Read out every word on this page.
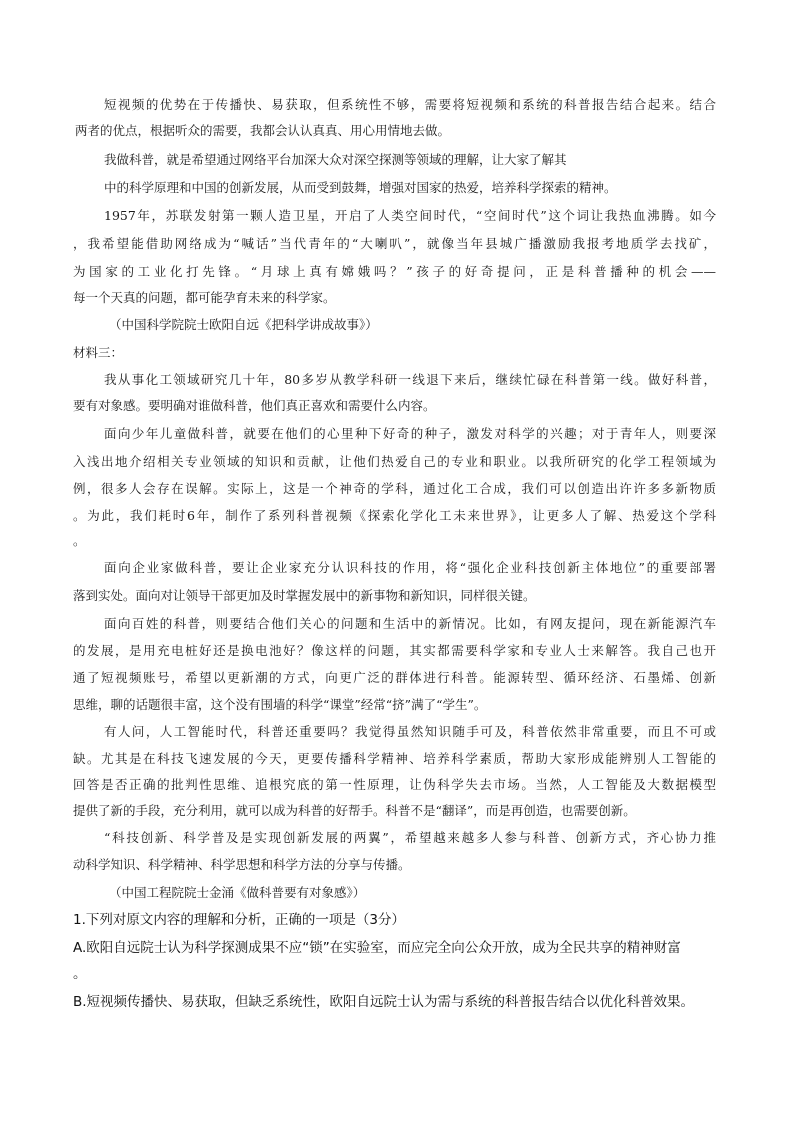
短视频的优势在于传播快、易获取，但系统性不够，需要将短视频和系统的科普报告结合起来。结合
两者的优点，根据听众的需要，我都会认认真真、用心用情地去做。
我做科普，就是希望通过网络平台加深大众对深空探测等领域的理解，让大家了解其
中的科学原理和中国的创新发展，从而受到鼓舞，增强对国家的热爱，培养科学探索的精神。
1957年，苏联发射第一颗人造卫星，开启了人类空间时代，“空间时代”这个词让我热血沸腾。如今
，我希望能借助网络成为“喊话”当代青年的“大喇叭”，就像当年县城广播激励我报考地质学去找矿，
为国家的工业化打先锋。“月球上真有嫦娥吗？”孩子的好奇提问，正是科普播种的机会——
每一个天真的问题，都可能孕育未来的科学家。
（中国科学院院士欧阳自远《把科学讲成故事》）
材料三：
我从事化工领域研究几十年，80多岁从教学科研一线退下来后，继续忙碌在科普第一线。做好科普，
要有对象感。要明确对谁做科普，他们真正喜欢和需要什么内容。
面向少年儿童做科普，就要在他们的心里种下好奇的种子，激发对科学的兴趣；对于青年人，则要深
入浅出地介绍相关专业领域的知识和贡献，让他们热爱自己的专业和职业。以我所研究的化学工程领域为
例，很多人会存在误解。实际上，这是一个神奇的学科，通过化工合成，我们可以创造出许许多多新物质
。为此，我们耗时6年，制作了系列科普视频《探索化学化工未来世界》，让更多人了解、热爱这个学科
。
面向企业家做科普，要让企业家充分认识科技的作用，将“强化企业科技创新主体地位”的重要部署
落到实处。面向对让领导干部更加及时掌握发展中的新事物和新知识，同样很关键。
面向百姓的科普，则要结合他们关心的问题和生活中的新情况。比如，有网友提问，现在新能源汽车
的发展，是用充电桩好还是换电池好？像这样的问题，其实都需要科学家和专业人士来解答。我自己也开
通了短视频账号，希望以更新潮的方式，向更广泛的群体进行科普。能源转型、循环经济、石墨烯、创新
思维，聊的话题很丰富，这个没有围墙的科学“课堂”经常“挤”满了“学生”。
有人问，人工智能时代，科普还重要吗？我觉得虽然知识随手可及，科普依然非常重要，而且不可或
缺。尤其是在科技飞速发展的今天，更要传播科学精神、培养科学素质，帮助大家形成能辨别人工智能的
回答是否正确的批判性思维、追根究底的第一性原理，让伪科学失去市场。当然，人工智能及大数据模型
提供了新的手段，充分利用，就可以成为科普的好帮手。科普不是“翻译”，而是再创造，也需要创新。
“科技创新、科学普及是实现创新发展的两翼”，希望越来越多人参与科普、创新方式，齐心协力推
动科学知识、科学精神、科学思想和科学方法的分享与传播。
（中国工程院院士金涌《做科普要有对象感》）
1.下列对原文内容的理解和分析，正确的一项是（3分）
A.欧阳自远院士认为科学探测成果不应“锁”在实验室，而应完全向公众开放，成为全民共享的精神财富
。
B.短视频传播快、易获取，但缺乏系统性，欧阳自远院士认为需与系统的科普报告结合以优化科普效果。
